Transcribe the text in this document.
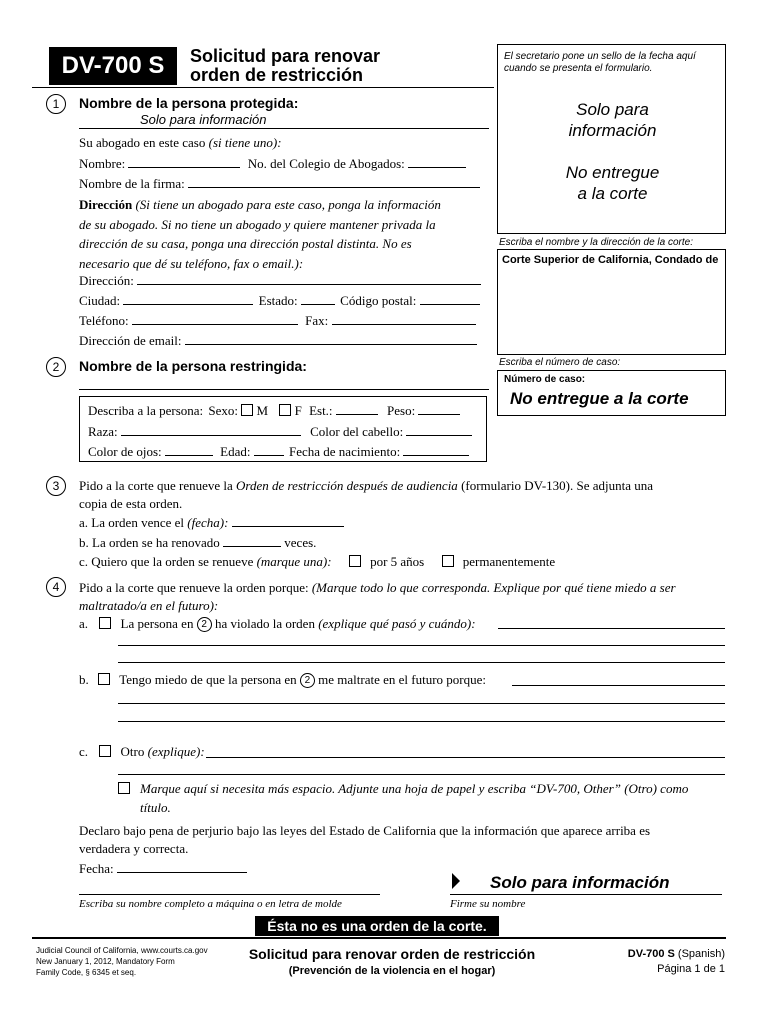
DV-700 S	Solicitud para renovar
orden de restricción
El secretario pone un sello de la fecha aquí
cuando se presenta el formulario.
Solo para
información
No entregue
a la corte
Escriba el nombre y la dirección de la corte:
Corte Superior de California, Condado de
Escriba el número de caso:
Número de caso:
No entregue a la corte
1	Nombre de la persona protegida:
Solo para información
Su abogado en este caso (si tiene uno):
Nombre:	No. del Colegio de Abogados:
Nombre de la firma:
Dirección (Si tiene un abogado para este caso, ponga la información
de su abogado. Si no tiene un abogado y quiere mantener privada la
dirección de su casa, ponga una dirección postal distinta. No es
necesario que dé su teléfono, fax o email.):
Dirección:
Ciudad:	Estado:	Código postal:
Teléfono:	Fax:
Dirección de email:
2	Nombre de la persona restringida:
Describa a la persona: Sexo: M F Est.:	Peso:
Raza:	Color del cabello:
Color de ojos:	Edad:	Fecha de nacimiento:
3	Pido a la corte que renueve la Orden de restricción después de audiencia (formulario DV-130). Se adjunta una
copia de esta orden.
a. La orden vence el (fecha):
b. La orden se ha renovado	veces.
c. Quiero que la orden se renueve (marque una):	por 5 años	permanentemente
4	Pido a la corte que renueve la orden porque: (Marque todo lo que corresponda. Explique por qué tiene miedo a ser
maltratado/a en el futuro):
a.	La persona en 2 ha violado la orden (explique qué pasó y cuándo):
b. Tengo miedo de que la persona en 2 me maltrate en el futuro porque:
c.	Otro (explique):
Marque aquí si necesita más espacio. Adjunte una hoja de papel y escriba “DV-700, Other” (Otro) como
título.
Declaro bajo pena de perjurio bajo las leyes del Estado de California que la información que aparece arriba es
verdadera y correcta.
Fecha:
Escriba su nombre completo a máquina o en letra de molde
Solo para información
Firme su nombre
Ésta no es una orden de la corte.
Judicial Council of California, www.courts.ca.gov
New January 1, 2012, Mandatory Form
Family Code, § 6345 et seq.
Solicitud para renovar orden de restricción
(Prevención de la violencia en el hogar)
DV-700 S (Spanish)
Página 1 de 1
